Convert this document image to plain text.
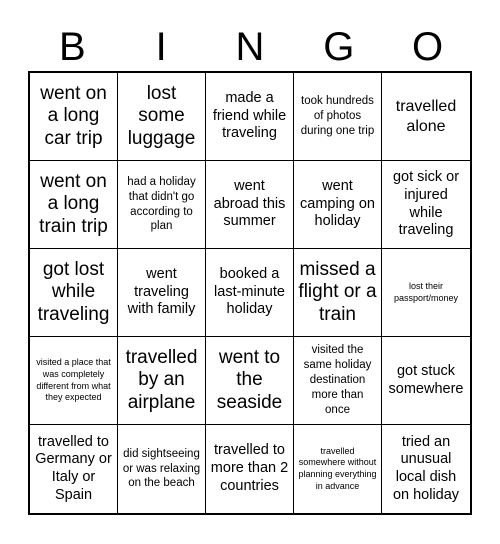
B	I	N	G	O
went on a long car trip
lost some luggage
made a friend while traveling
took hundreds of photos during one trip
travelled alone
went on a long train trip
had a holiday that didn't go according to plan
went abroad this summer
went camping on holiday
got sick or injured while traveling
got lost while traveling
went traveling with family
booked a last-minute holiday
missed a flight or a train
lost their passport/money
visited a place that was completely different from what they expected
travelled by an airplane
went to the seaside
visited the same holiday destination more than once
got stuck somewhere
travelled to Germany or Italy or Spain
did sightseeing or was relaxing on the beach
travelled to more than 2 countries
travelled somewhere without planning everything in advance
tried an unusual local dish on holiday
